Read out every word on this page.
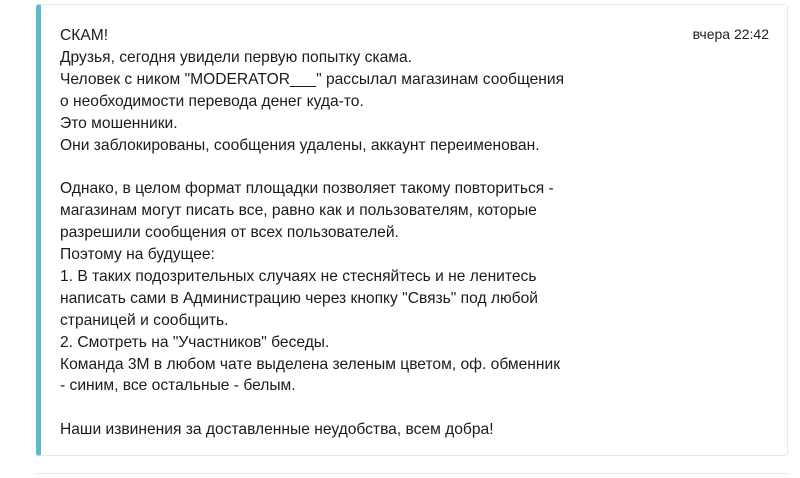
СКАМ!
Друзья, сегодня увидели первую попытку скама.
Человек с ником "MODERATOR___" рассылал магазинам сообщения
о необходимости перевода денег куда-то.
Это мошенники.
Они заблокированы, сообщения удалены, аккаунт переименован.
Однако, в целом формат площадки позволяет такому повториться -
магазинам могут писать все, равно как и пользователям, которые
разрешили сообщения от всех пользователей.
Поэтому на будущее:
1. В таких подозрительных случаях не стесняйтесь и не ленитесь
написать сами в Администрацию через кнопку "Связь" под любой
страницей и сообщить.
2. Смотреть на "Участников" беседы.
Команда 3М в любом чате выделена зеленым цветом, оф. обменник
- синим, все остальные - белым.
Наши извинения за доставленные неудобства, всем добра!
вчера 22:42
